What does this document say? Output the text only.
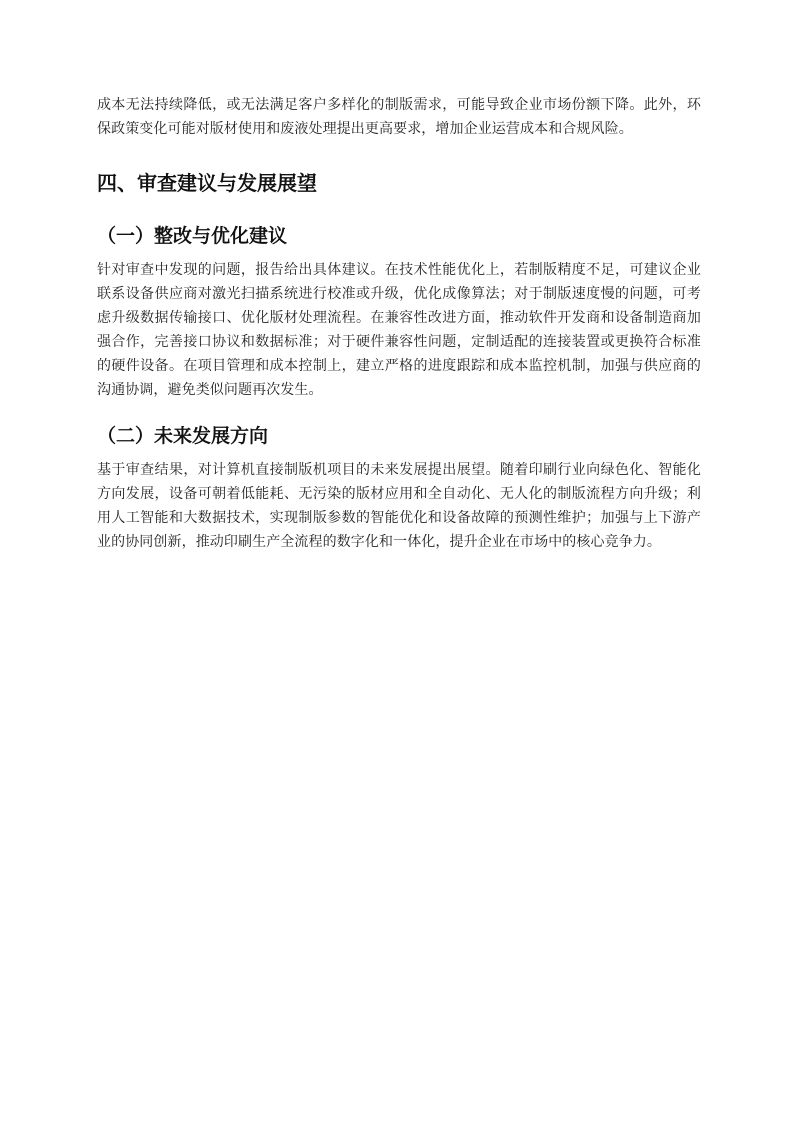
成本无法持续降低，或无法满足客户多样化的制版需求，可能导致企业市场份额下降。此外，环保政策变化可能对版材使用和废液处理提出更高要求，增加企业运营成本和合规风险。

四、审查建议与发展展望
（一）整改与优化建议

针对审查中发现的问题，报告给出具体建议。在技术性能优化上，若制版精度不足，可建议企业联系设备供应商对激光扫描系统进行校准或升级，优化成像算法；对于制版速度慢的问题，可考虑升级数据传输接口、优化版材处理流程。在兼容性改进方面，推动软件开发商和设备制造商加强合作，完善接口协议和数据标准；对于硬件兼容性问题，定制适配的连接装置或更换符合标准的硬件设备。在项目管理和成本控制上，建立严格的进度跟踪和成本监控机制，加强与供应商的沟通协调，避免类似问题再次发生。

（二）未来发展方向

基于审查结果，对计算机直接制版机项目的未来发展提出展望。随着印刷行业向绿色化、智能化方向发展，设备可朝着低能耗、无污染的版材应用和全自动化、无人化的制版流程方向升级；利用人工智能和大数据技术，实现制版参数的智能优化和设备故障的预测性维护；加强与上下游产业的协同创新，推动印刷生产全流程的数字化和一体化，提升企业在市场中的核心竞争力。
